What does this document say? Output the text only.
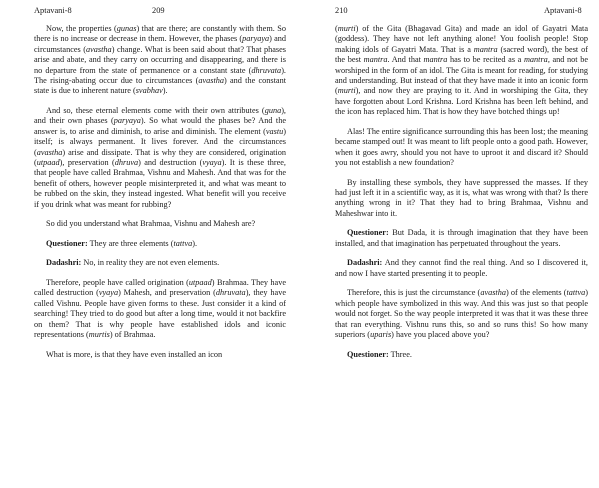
Aptavani-8	209

Now, the properties (gunas) that are there; are constantly with them. So there is no increase or decrease in them. However, the phases (paryaya) and circumstances (avastha) change. What is been said about that? That phases arise and abate, and they carry on occurring and disappearing, and there is no departure from the state of permanence or a constant state (dhruvata). The rising-abating occur due to circumstances (avastha) and the constant state is due to inherent nature (svabhav).

And so, these eternal elements come with their own attributes (guna), and their own phases (paryaya). So what would the phases be? And the answer is, to arise and diminish, to arise and diminish. The element (vastu) itself; is always permanent. It lives forever. And the circumstances (avastha) arise and dissipate. That is why they are considered, origination (utpaad), preservation (dhruva) and destruction (vyaya). It is these three, that people have called Brahmaa, Vishnu and Mahesh. And that was for the benefit of others, however people misinterpreted it, and what was meant to be rubbed on the skin, they instead ingested. What benefit will you receive if you drink what was meant for rubbing?

So did you understand what Brahmaa, Vishnu and Mahesh are?

Questioner: They are three elements (tattva).

Dadashri: No, in reality they are not even elements.

Therefore, people have called origination (utpaad) Brahmaa. They have called destruction (vyaya) Mahesh, and preservation (dhruvata), they have called Vishnu. People have given forms to these. Just consider it a kind of searching! They tried to do good but after a long time, would it not backfire on them? That is why people have established idols and iconic representations (murtis) of Brahmaa.

What is more, is that they have even installed an icon

210	Aptavani-8

(murti) of the Gita (Bhagavad Gita) and made an idol of Gayatri Mata (goddess). They have not left anything alone! You foolish people! Stop making idols of Gayatri Mata. That is a mantra (sacred word), the best of the best mantra. And that mantra has to be recited as a mantra, and not be worshiped in the form of an idol. The Gita is meant for reading, for studying and understanding. But instead of that they have made it into an iconic form (murti), and now they are praying to it. And in worshiping the Gita, they have forgotten about Lord Krishna. Lord Krishna has been left behind, and the icon has replaced him. That is how they have botched things up!

Alas! The entire significance surrounding this has been lost; the meaning became stamped out! It was meant to lift people onto a good path. However, when it goes awry, should you not have to uproot it and discard it? Should you not establish a new foundation?

By installing these symbols, they have suppressed the masses. If they had just left it in a scientific way, as it is, what was wrong with that? Is there anything wrong in it? That they had to bring Brahmaa, Vishnu and Maheshwar into it.

Questioner: But Dada, it is through imagination that they have been installed, and that imagination has perpetuated throughout the years.

Dadashri: And they cannot find the real thing. And so I discovered it, and now I have started presenting it to people.

Therefore, this is just the circumstance (avastha) of the elements (tattva) which people have symbolized in this way. And this was just so that people would not forget. So the way people interpreted it was that it was these three that ran everything. Vishnu runs this, so and so runs this! So how many superiors (uparis) have you placed above you?

Questioner: Three.
